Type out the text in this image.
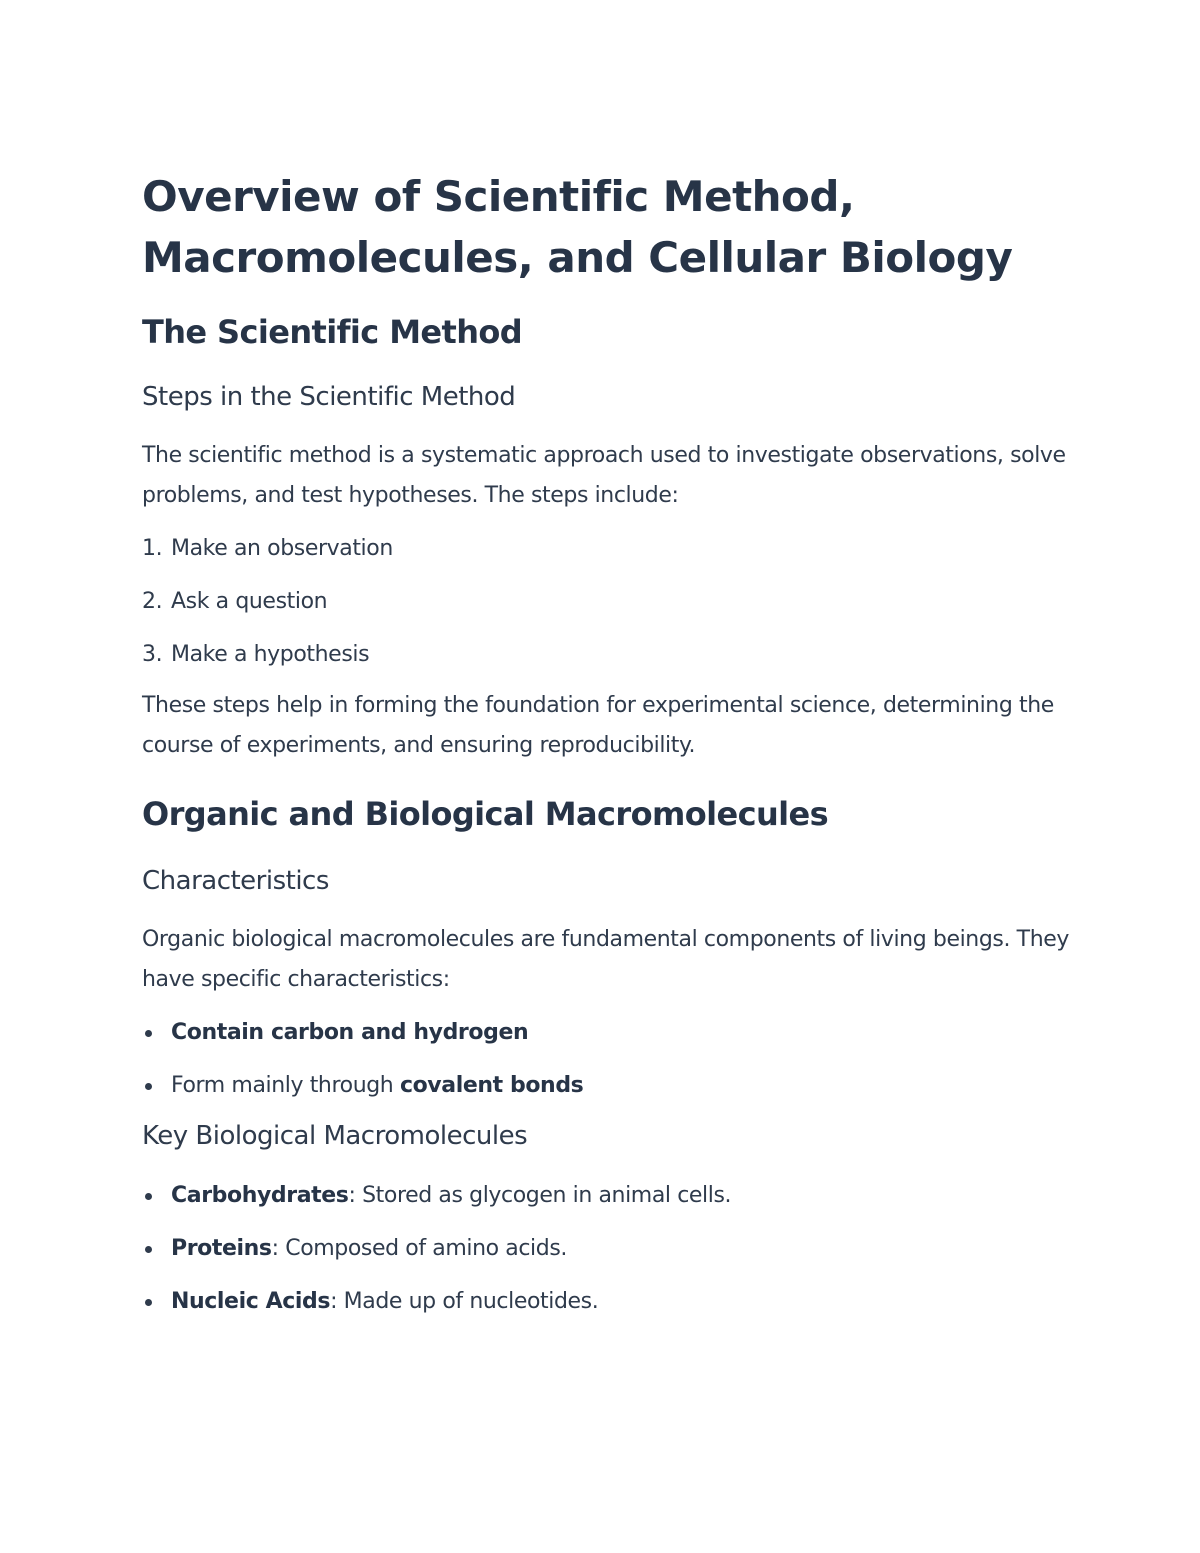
Overview of Scientific Method, Macromolecules, and Cellular Biology
The Scientific Method
Steps in the Scientific Method

The scientific method is a systematic approach used to investigate observations, solve problems, and test hypotheses. The steps include:

1. Make an observation
2. Ask a question
3. Make a hypothesis

These steps help in forming the foundation for experimental science, determining the course of experiments, and ensuring reproducibility.

Organic and Biological Macromolecules
Characteristics

Organic biological macromolecules are fundamental components of living beings. They have specific characteristics:

Contain carbon and hydrogen
Form mainly through covalent bonds
Key Biological Macromolecules
Carbohydrates: Stored as glycogen in animal cells.
Proteins: Composed of amino acids.
Nucleic Acids: Made up of nucleotides.
